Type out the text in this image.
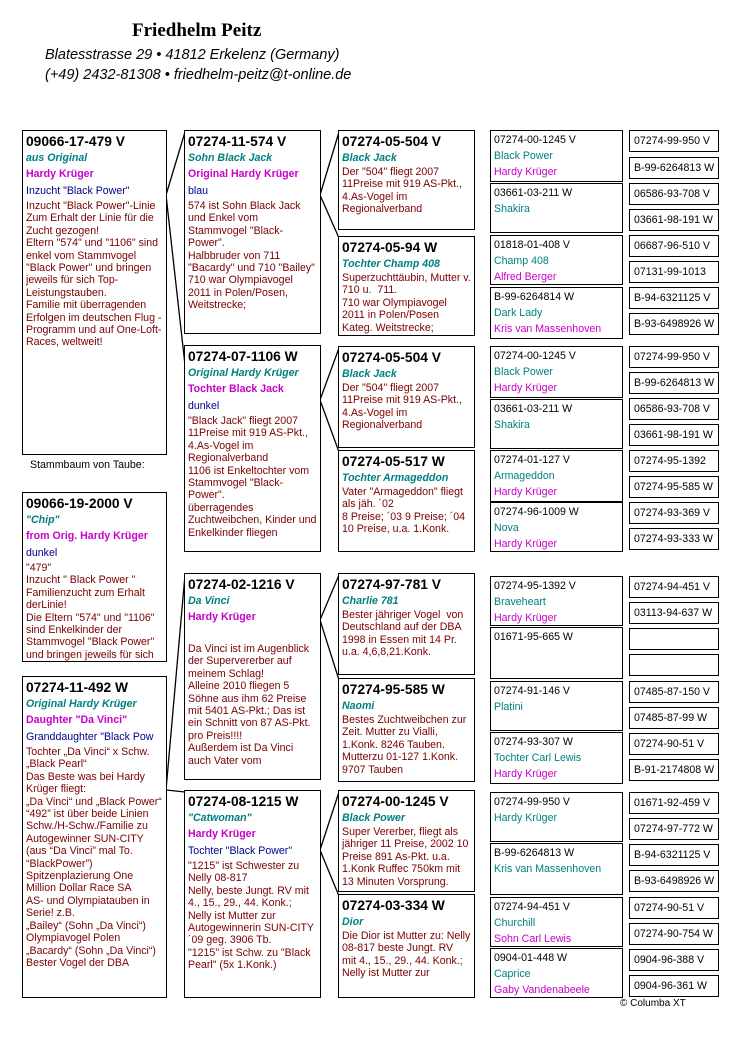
Friedhelm Peitz
Blatesstrasse 29 • 41812 Erkelenz (Germany)
(+49) 2432-81308 • friedhelm-peitz@t-online.de
09066-17-479 V
aus Original
Hardy Krüger
Inzucht "Black Power"
Inzucht "Black Power"-Linie
Zum Erhalt der Linie für die Zucht gezogen!
Eltern "574" und "1106" sind enkel vom Stammvogel "Black Power" und bringen jeweils für sich Top-Leistungstauben.
Familie mit überragenden Erfolgen im deutschen Flug -Programm und auf One-Loft-Races, weltweit!
Stammbaum von Taube:
09066-19-2000 V
"Chip"
from Orig. Hardy Krüger
dunkel
"479"
Inzucht " Black Power " Familienzucht zum Erhalt derLinie!
Die Eltern "574" und "1106" sind Enkelkinder der Stammvogel "Black Power"
und bringen jeweils für sich
07274-11-492 W
Original Hardy Krüger
Daughter "Da Vinci"
Granddaughter "Black Pow
Tochter „Da Vinci“ x Schw. „Black Pearl“
Das Beste was bei Hardy Krüger fliegt:
„Da Vinci“ und „Black Power“
“492” ist über beide Linien Schw./H-Schw./Familie zu Autogewinner SUN-CITY (aus “Da Vinci” mal To. “BlackPower”)
Spitzenplazierung One Million Dollar Race SA
AS- und Olympiatauben in Serie! z.B.
„Bailey“ (Sohn „Da Vinci“) Olympiavogel Polen
„Bacardy“ (Sohn „Da Vinci“) Bester Vogel der DBA
07274-11-574 V
Sohn Black Jack
Original Hardy Krüger
blau
574 ist Sohn Black Jack und Enkel vom Stammvogel "Black-Power".
Halbbruder von 711 "Bacardy" und 710 "Bailey"
710 war Olympiavogel 2011 in Polen/Posen, Weitstrecke;
07274-07-1106 W
Original Hardy Krüger
Tochter Black Jack
dunkel
"Black Jack" fliegt 2007 11Preise mit 919 AS-Pkt., 4.As-Vogel im Regionalverband
1106 ist Enkeltochter vom Stammvogel "Black-Power".
überragendes Zuchtweibchen, Kinder und Enkelkinder fliegen
07274-02-1216 V
Da Vinci
Hardy Krüger
Da Vinci ist im Augenblick der Supervererber auf meinem Schlag!
Alleine 2010 fliegen 5 Söhne aus ihm 62 Preise mit 5401 AS-Pkt.; Das ist ein Schnitt von 87 AS-Pkt. pro Preis!!!!
Außerdem ist Da Vinci auch Vater vom
07274-08-1215 W
"Catwoman"
Hardy Krüger
Tochter "Black Power"
"1215" ist Schwester zu Nelly 08-817
Nelly, beste Jungt. RV mit 4., 15., 29., 44. Konk.; Nelly ist Mutter zur Autogewinnerin SUN-CITY ´09 geg. 3906 Tb.
"1215" ist Schw. zu "Black Pearl" (5x 1.Konk.)
07274-05-504 V
Black Jack
Der "504" fliegt 2007 11Preise mit 919 AS-Pkt., 4.As-Vogel im Regionalverband
07274-05-94 W
Tochter Champ 408
Superzuchttäubin, Mutter v. 710 u.  711.
710 war Olympiavogel 2011 in Polen/Posen Kateg. Weitstrecke;
07274-05-504 V
Black Jack
Der "504" fliegt 2007 11Preise mit 919 AS-Pkt., 4.As-Vogel im Regionalverband
07274-05-517 W
Tochter Armageddon
Vater "Armageddon" fliegt als jäh. ´02
8 Preise; ´03 9 Preise; ´04 10 Preise, u.a. 1.Konk.
07274-97-781 V
Charlie 781
Bester jähriger Vogel  von Deutschland auf der DBA 1998 in Essen mit 14 Pr. u.a. 4,6,8,21.Konk.
07274-95-585 W
Naomi
Bestes Zuchtweibchen zur Zeit. Mutter zu Vialli, 1.Konk. 8246 Tauben. Mutterzu 01-127 1.Konk. 9707 Tauben
07274-00-1245 V
Black Power
Super Vererber, fliegt als jähriger 11 Preise, 2002 10 Preise 891 As-Pkt. u.a. 1.Konk Ruffec 750km mit 13 Minuten Vorsprung.
07274-03-334 W
Dior
Die Dior ist Mutter zu: Nelly 08-817 beste Jungt. RV
mit 4., 15., 29., 44. Konk.; Nelly ist Mutter zur
07274-00-1245 V
Black Power
Hardy Krüger
03661-03-211 W
Shakira
01818-01-408 V
Champ 408
Alfred Berger
B-99-6264814 W
Dark Lady
Kris van Massenhoven
07274-00-1245 V
Black Power
Hardy Krüger
03661-03-211 W
Shakira
07274-01-127 V
Armageddon
Hardy Krüger
07274-96-1009 W
Nova
Hardy Krüger
07274-95-1392 V
Braveheart
Hardy Krüger
01671-95-665 W
07274-91-146 V
Platini
07274-93-307 W
Tochter Carl Lewis
Hardy Krüger
07274-99-950 V
Hardy Krüger
B-99-6264813 W
Kris van Massenhoven
07274-94-451 V
Churchill
Sohn Carl Lewis
0904-01-448 W
Caprice
Gaby Vandenabeele
07274-99-950 V
B-99-6264813 W
06586-93-708 V
03661-98-191 W
06687-96-510 V
07131-99-1013
B-94-6321125 V
B-93-6498926 W
07274-99-950 V
B-99-6264813 W
06586-93-708 V
03661-98-191 W
07274-95-1392
07274-95-585 W
07274-93-369 V
07274-93-333 W
07274-94-451 V
03113-94-637 W
07485-87-150 V
07485-87-99 W
07274-90-51 V
B-91-2174808 W
01671-92-459 V
07274-97-772 W
B-94-6321125 V
B-93-6498926 W
07274-90-51 V
07274-90-754 W
0904-96-388 V
0904-96-361 W
© Columba XT
